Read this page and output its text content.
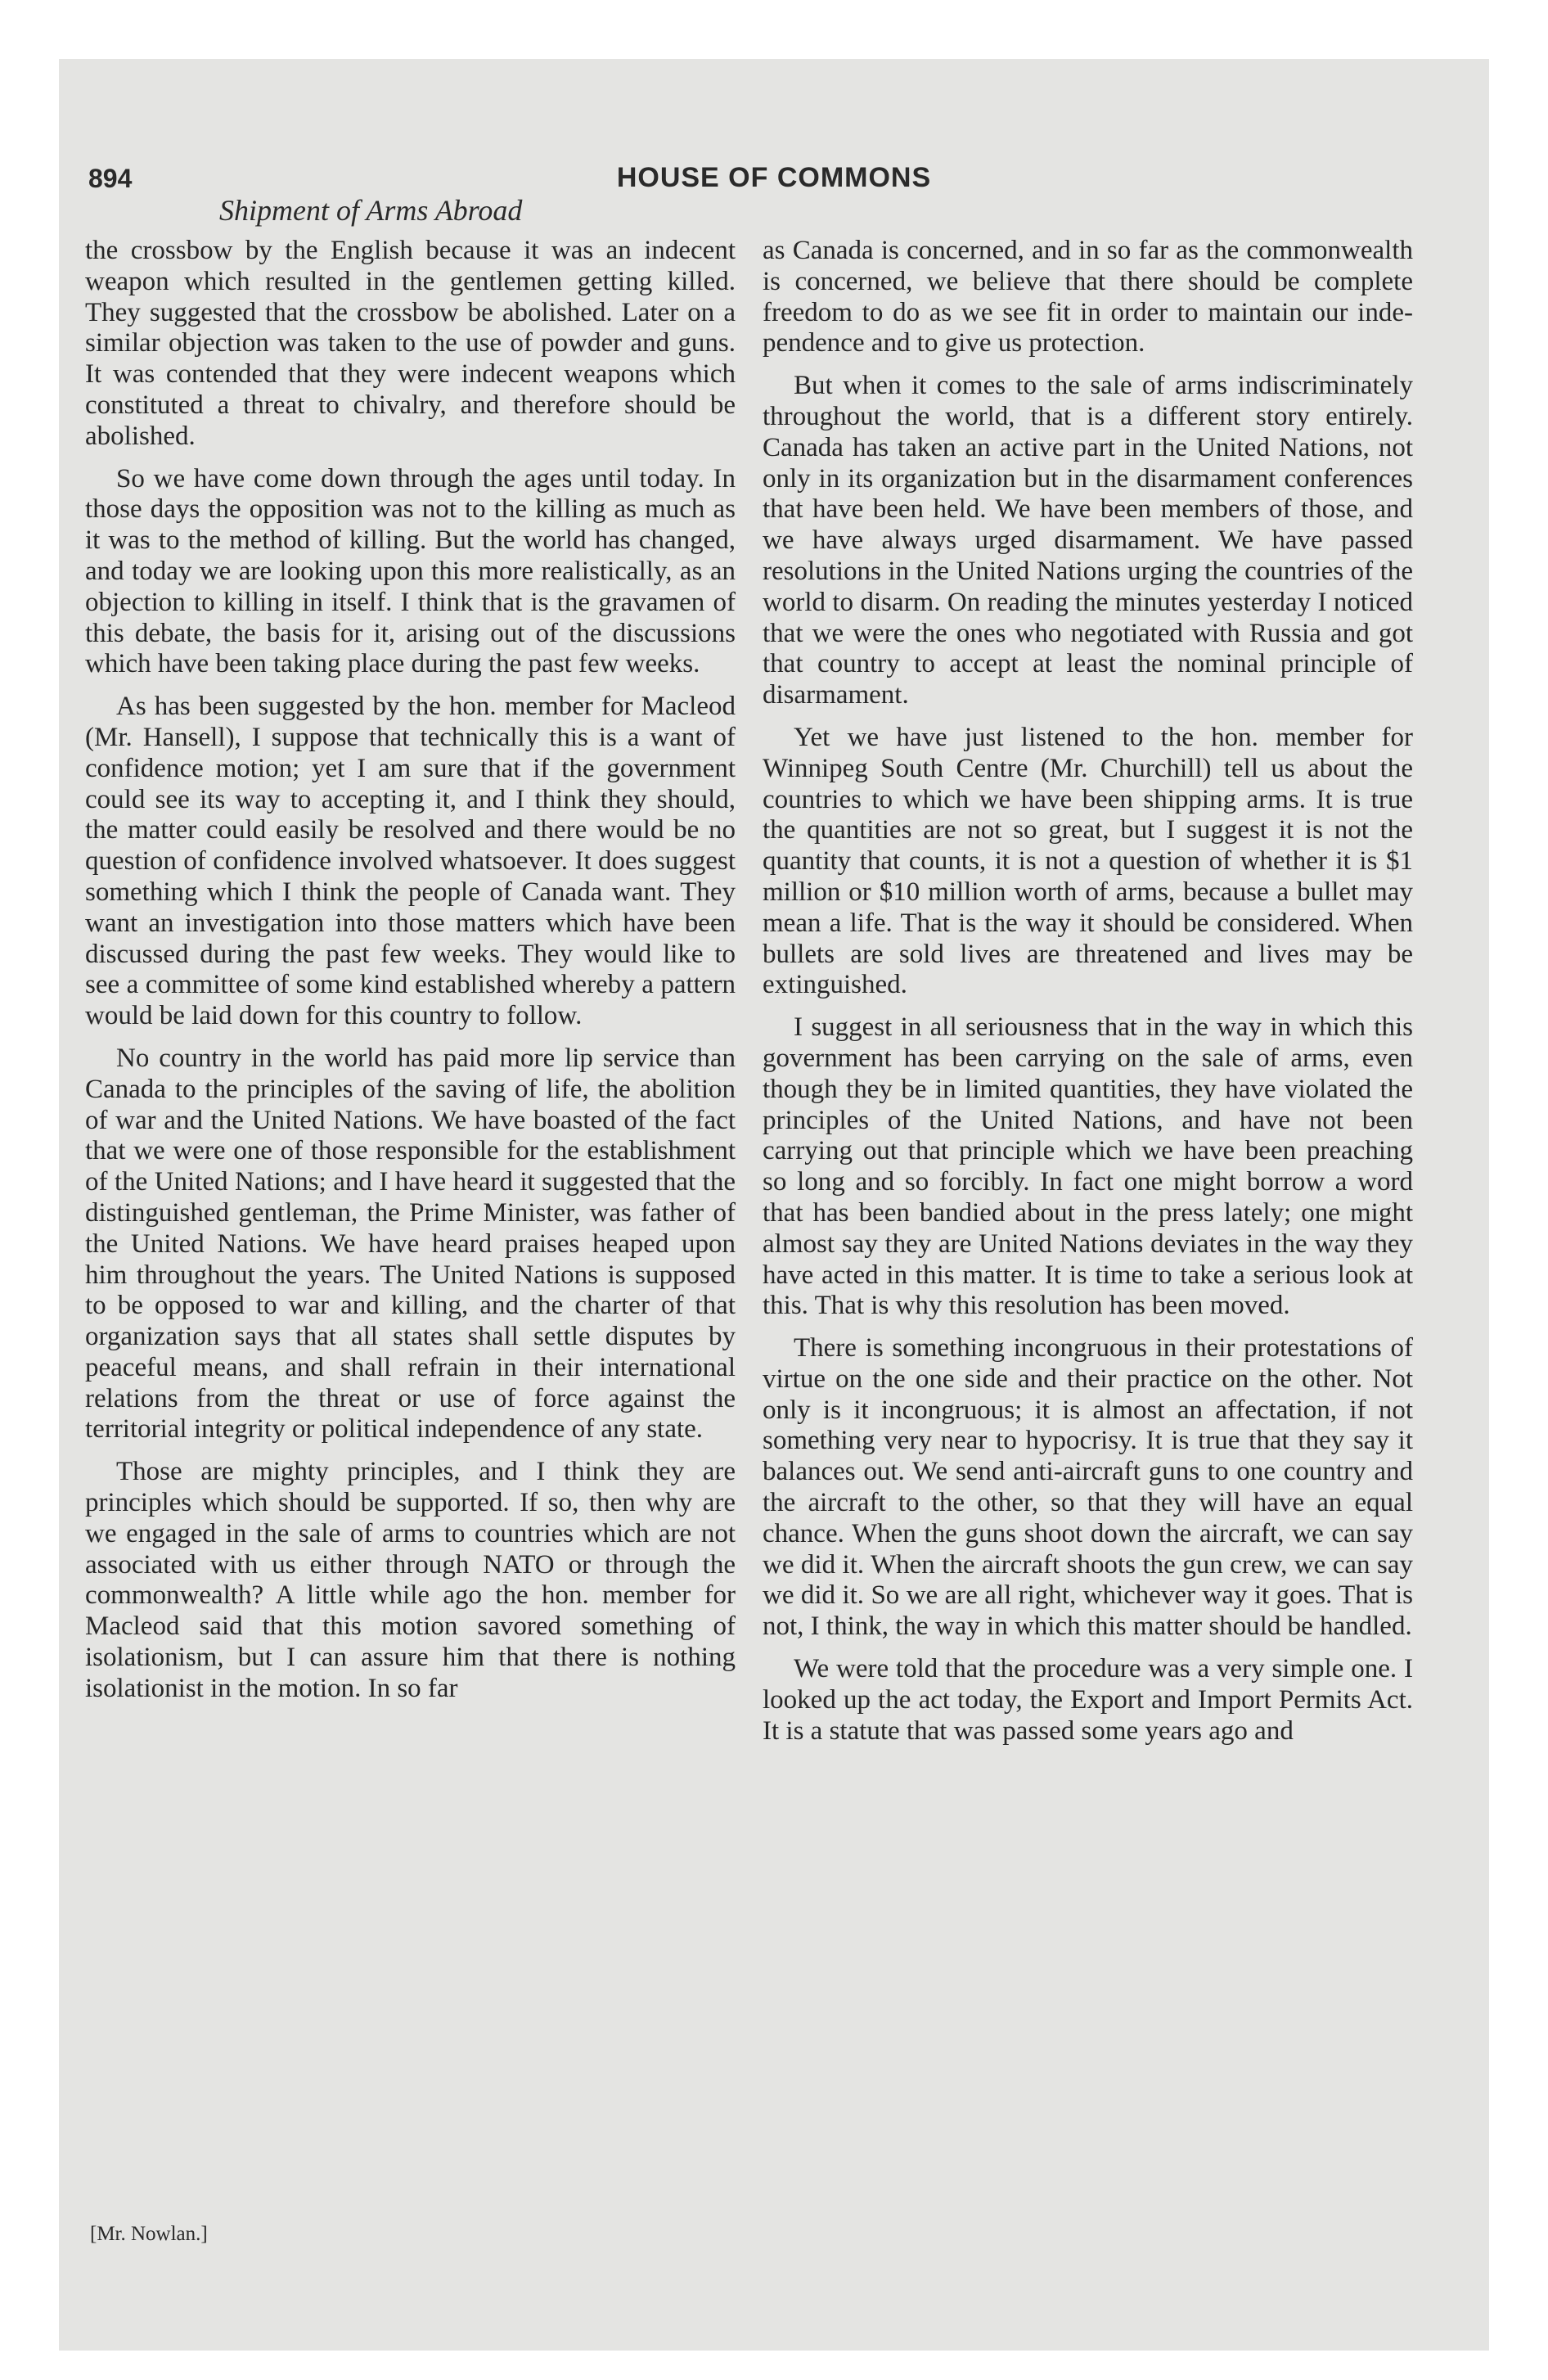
894	HOUSE OF COMMONS
Shipment of Arms Abroad

the crossbow by the English because it was an indecent weapon which resulted in the gentlemen getting killed. They suggested that the crossbow be abolished. Later on a similar objection was taken to the use of powder and guns. It was contended that they were indecent weapons which constituted a threat to chivalry, and therefore should be abolished.

So we have come down through the ages until today. In those days the opposition was not to the killing as much as it was to the method of killing. But the world has changed, and today we are looking upon this more realistically, as an objection to killing in itself. I think that is the gravamen of this debate, the basis for it, arising out of the discussions which have been taking place during the past few weeks.

As has been suggested by the hon. member for Macleod (Mr. Hansell), I suppose that technically this is a want of confidence motion; yet I am sure that if the government could see its way to accepting it, and I think they should, the matter could easily be resolved and there would be no question of confidence involved whatsoever. It does suggest something which I think the people of Canada want. They want an investigation into those matters which have been discussed during the past few weeks. They would like to see a committee of some kind established whereby a pattern would be laid down for this country to follow.

No country in the world has paid more lip service than Canada to the principles of the saving of life, the abolition of war and the United Nations. We have boasted of the fact that we were one of those responsible for the establishment of the United Nations; and I have heard it suggested that the distinguished gentleman, the Prime Minister, was father of the United Nations. We have heard praises heaped upon him throughout the years. The United Nations is supposed to be opposed to war and killing, and the charter of that organization says that all states shall settle disputes by peaceful means, and shall refrain in their international relations from the threat or use of force against the territorial integrity or political independence of any state.

Those are mighty principles, and I think they are principles which should be supported. If so, then why are we engaged in the sale of arms to countries which are not associated with us either through NATO or through the commonwealth? A little while ago the hon. member for Macleod said that this motion savored something of isolationism, but I can assure him that there is nothing isolationist in the motion. In so far

as Canada is concerned, and in so far as the commonwealth is concerned, we believe that there should be complete freedom to do as we see fit in order to maintain our independence and to give us protection.

But when it comes to the sale of arms indiscriminately throughout the world, that is a different story entirely. Canada has taken an active part in the United Nations, not only in its organization but in the disarmament conferences that have been held. We have been members of those, and we have always urged disarmament. We have passed resolutions in the United Nations urging the countries of the world to disarm. On reading the minutes yesterday I noticed that we were the ones who negotiated with Russia and got that country to accept at least the nominal principle of disarmament.

Yet we have just listened to the hon. member for Winnipeg South Centre (Mr. Churchill) tell us about the countries to which we have been shipping arms. It is true the quantities are not so great, but I suggest it is not the quantity that counts, it is not a question of whether it is $1 million or $10 million worth of arms, because a bullet may mean a life. That is the way it should be considered. When bullets are sold lives are threatened and lives may be extinguished.

I suggest in all seriousness that in the way in which this government has been carrying on the sale of arms, even though they be in limited quantities, they have violated the principles of the United Nations, and have not been carrying out that principle which we have been preaching so long and so forcibly. In fact one might borrow a word that has been bandied about in the press lately; one might almost say they are United Nations deviates in the way they have acted in this matter. It is time to take a serious look at this. That is why this resolution has been moved.

There is something incongruous in their protestations of virtue on the one side and their practice on the other. Not only is it incongruous; it is almost an affectation, if not something very near to hypocrisy. It is true that they say it balances out. We send anti-aircraft guns to one country and the aircraft to the other, so that they will have an equal chance. When the guns shoot down the aircraft, we can say we did it. When the aircraft shoots the gun crew, we can say we did it. So we are all right, whichever way it goes. That is not, I think, the way in which this matter should be handled.

We were told that the procedure was a very simple one. I looked up the act today, the Export and Import Permits Act. It is a statute that was passed some years ago and

[Mr. Nowlan.]
